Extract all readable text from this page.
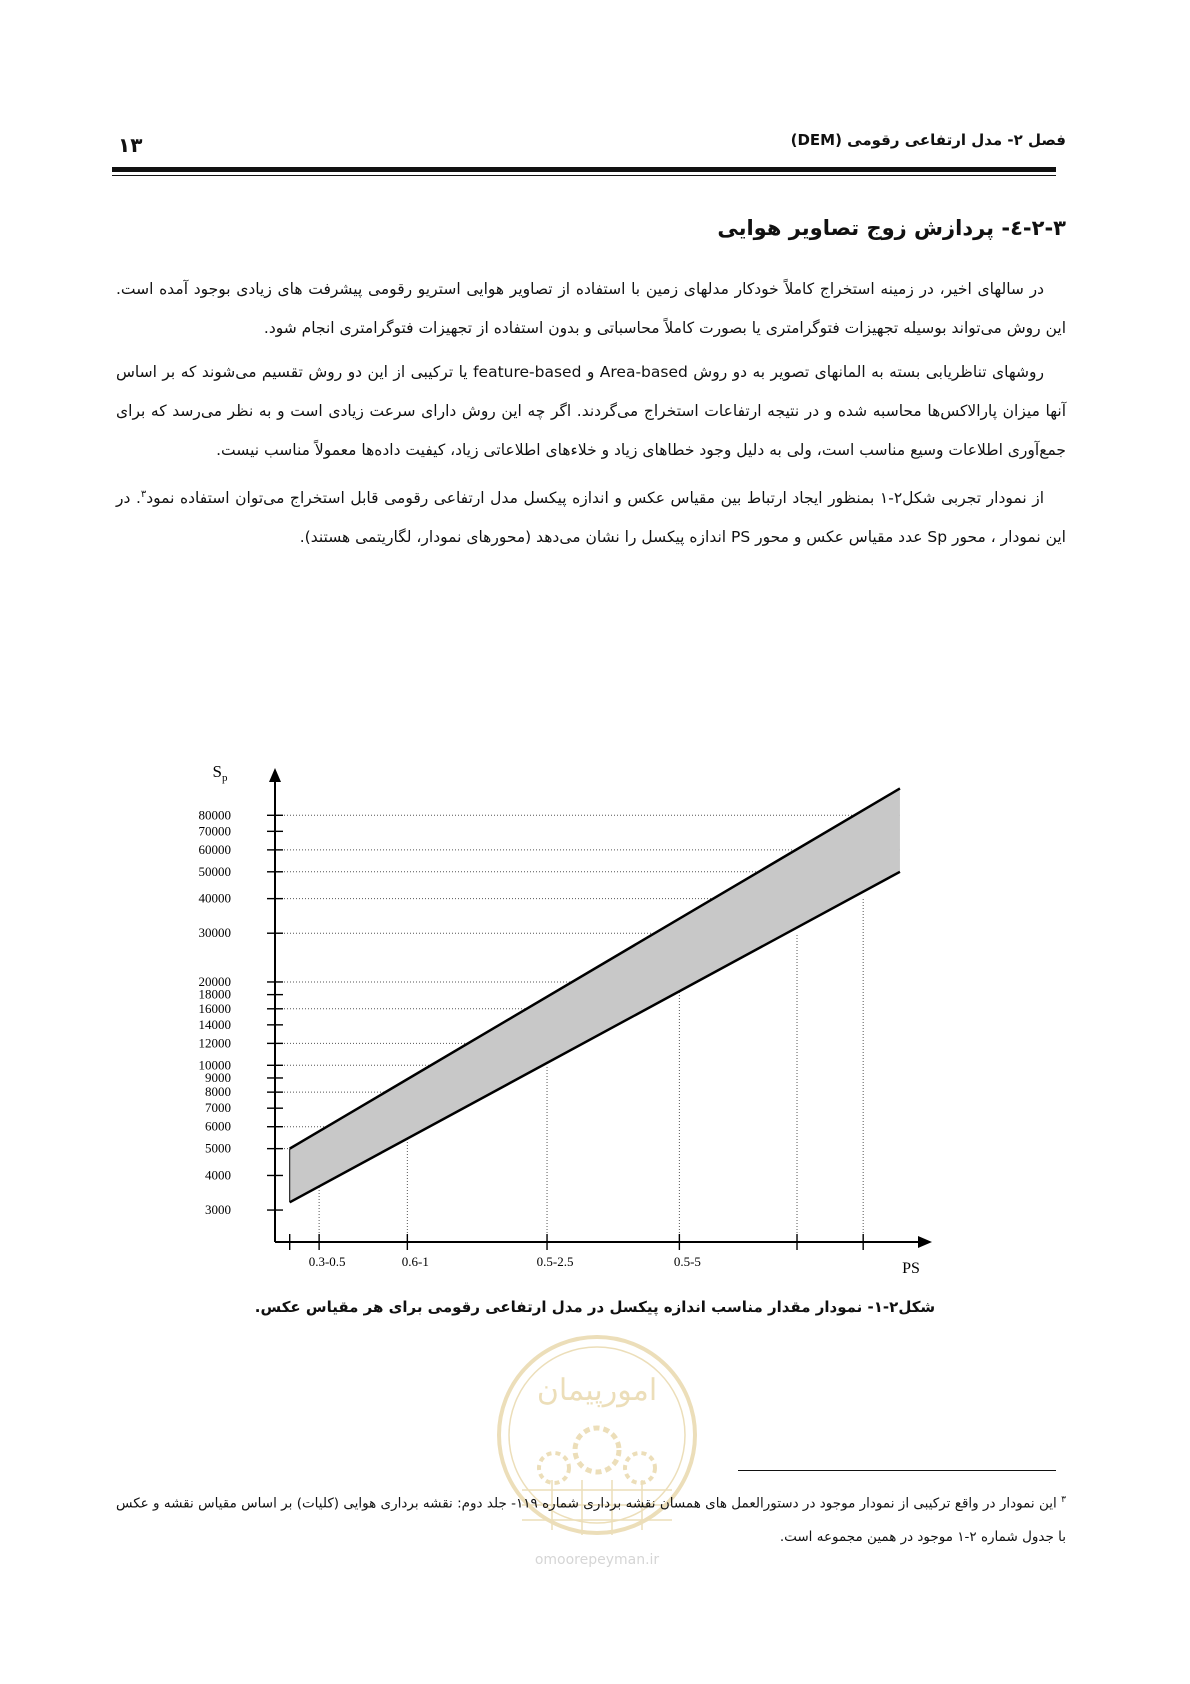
۱۳	فصل ۲- مدل ارتفاعی رقومی (DEM)
۲-۳-٤- پردازش زوج تصاویر هوایی

در سالهای اخیر، در زمینه استخراج کاملاً خودکار مدلهای زمین با استفاده از تصاویر هوایی استریو رقومی پیشرفت های زیادی بوجود آمده است. این روش می‌تواند بوسیله تجهیزات فتوگرامتری یا بصورت کاملاً محاسباتی و بدون استفاده از تجهیزات فتوگرامتری انجام شود.

روشهای تناظریابی بسته به المانهای تصویر به دو روش Area-based و feature-based یا ترکیبی از این دو روش تقسیم می‌شوند که بر اساس آنها میزان پارالاکس‌ها محاسبه شده و در نتیجه ارتفاعات استخراج می‌گردند. اگر چه این روش دارای سرعت زیادی است و به نظر می‌رسد که برای جمع‌آوری اطلاعات وسیع مناسب است، ولی به دلیل وجود خطاهای زیاد و خلاءهای اطلاعاتی زیاد، کیفیت داده‌ها معمولاً مناسب نیست.

از نمودار تجربی شکل۲-۱ بمنظور ایجاد ارتباط بین مقیاس عکس و اندازه پیکسل مدل ارتفاعی رقومی قابل استخراج می‌توان استفاده نمود$^۳$. در این نمودار ، محور Sp عدد مقیاس عکس و محور PS اندازه پیکسل را نشان می‌دهد (محورهای نمودار، لگاریتمی هستند).

3000
4000
5000
6000
7000
8000
9000
10000
12000
14000
16000
18000
20000
30000
40000
50000
60000
70000
80000
0.3-0.5	0.6-1	0.5-2.5	0.5-5
$S_p$
PS
شکل۲-۱- نمودار مقدار مناسب اندازه پیکسل در مدل ارتفاعی رقومی برای هر مقیاس عکس.
امورپیمان
omoorepeyman.ir
$^۳$ این نمودار در واقع ترکیبی از نمودار موجود در دستورالعمل های همسان نقشه برداری شماره ۱۱۹- جلد دوم: نقشه برداری هوایی (کلیات) بر اساس مقیاس نقشه و عکس با جدول شماره ۲-۱ موجود در همین مجموعه است.
